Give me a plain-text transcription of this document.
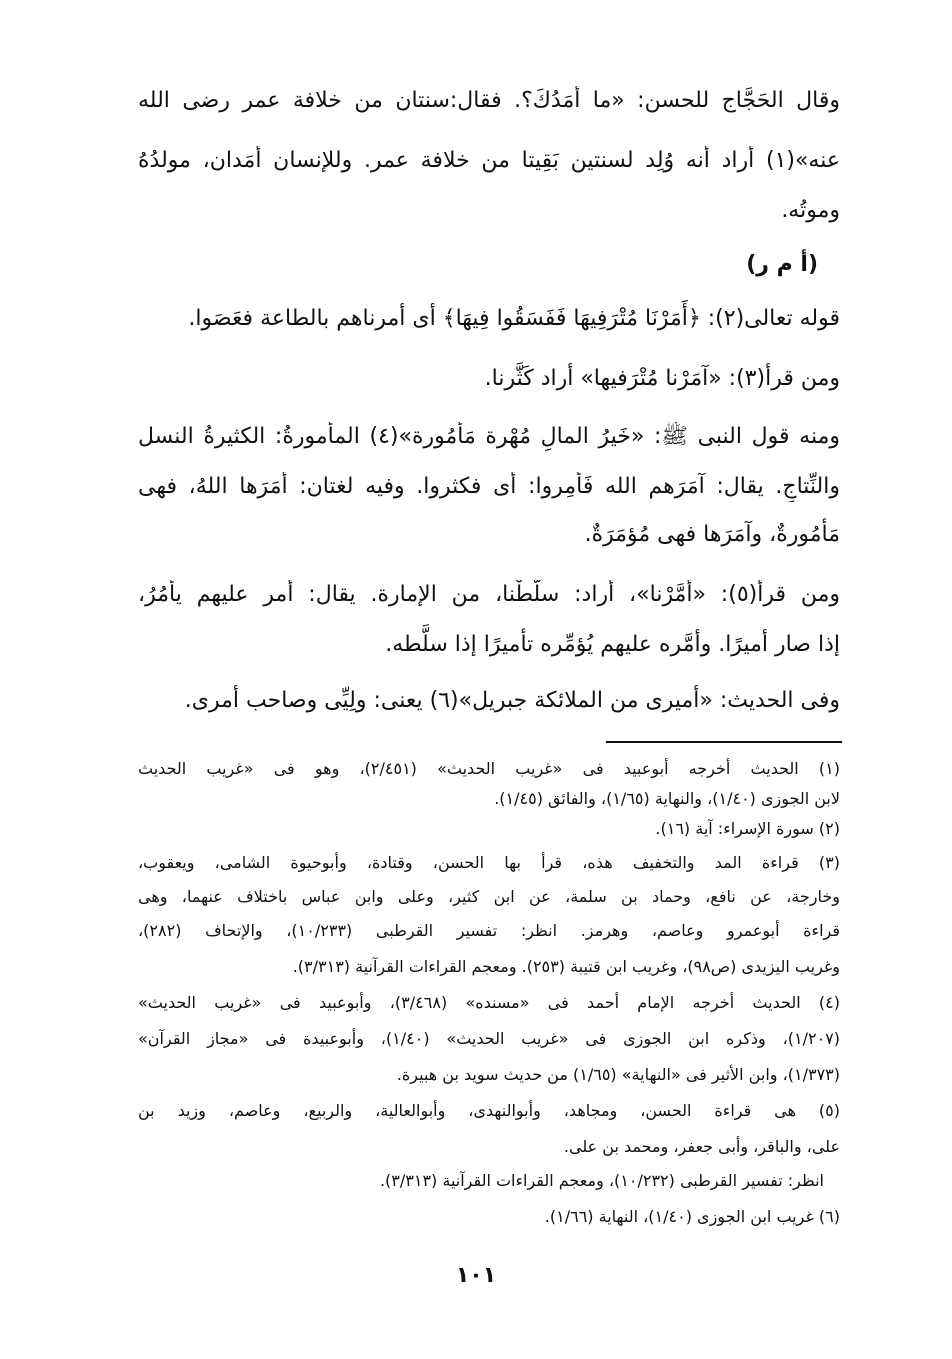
وقال الحَجَّاج للحسن: «ما أَمَدُكَ؟. فقال:سنتان من خلافة عمر رضى الله
عنه»(١) أراد أنه وُلِد لسنتين بَقِيتا من خلافة عمر. وللإنسان أَمَدان، مولدُهُ
وموتُه.
(أ م ر)
قوله تعالى(٢): ﴿أَمَرْنَا مُتْرَفِيهَا فَفَسَقُوا فِيهَا﴾ أى أمرناهم بالطاعة فعَصَوا.
ومن قرأ(٣): «آمَرْنا مُتْرَفيها» أراد كَثَّرنا.
ومنه قول النبى ﷺ: «خَيرُ المالِ مُهْرة مَأمُورة»(٤) المأمورةُ: الكثيرةُ النسل
والنِّتاجِ. يقال: آمَرَهم الله فَأَمِروا: أى فكثروا. وفيه لغتان: أمَرَها اللهُ، فهى
مَأمُورةٌ، وآمَرَها فهى مُؤمَرَةٌ.
ومن قرأ(٥): «أَمَّرْنا»، أراد: سلَّطْنا، من الإمارة. يقال: أمر عليهم يأمُرُ،
إذا صار أميرًا. وأمَّره عليهم يُؤمِّره تأميرًا إذا سلَّطه.
وفى الحديث: «أميرى من الملائكة جبريل»(٦) يعنى: ولِيِّى وصاحب أمرى.
(١) الحديث أخرجه أبوعبيد فى «غريب الحديث» (٢/٤٥١)، وهو فى «غريب الحديث
لابن الجوزى (١/٤٠)، والنهاية (١/٦٥)، والفائق (١/٤٥).
(٢) سورة الإسراء: آية (١٦).
(٣) قراءة المد والتخفيف هذه، قرأ بها الحسن، وقتادة، وأبوحيوة الشامى، ويعقوب،
وخارجة، عن نافع، وحماد بن سلمة، عن ابن كثير، وعلى وابن عباس باختلاف عنهما، وهى
قراءة أبوعمرو وعاصم، وهرمز. انظر: تفسير القرطبى (١٠/٢٣٣)، والإتحاف (٢٨٢)،
وغريب اليزيدى (ص٩٨)، وغريب ابن قتيبة (٢٥٣). ومعجم القراءات القرآنية (٣/٣١٣).
(٤) الحديث أخرجه الإمام أحمد فى «مسنده» (٣/٤٦٨)، وأبوعبيد فى «غريب الحديث»
(١/٢٠٧)، وذكره ابن الجوزى فى «غريب الحديث» (١/٤٠)، وأبوعبيدة فى «مجاز القرآن»
(١/٣٧٣)، وابن الأثير فى «النهاية» (١/٦٥) من حديث سويد بن هبيرة.
(٥) هى قراءة الحسن، ومجاهد، وأبوالنهدى، وأبوالعالية، والربيع، وعاصم، وزيد بن
على، والباقر، وأبى جعفر، ومحمد بن على.
انظر: تفسير القرطبى (١٠/٢٣٢)، ومعجم القراءات القرآنية (٣/٣١٣).
(٦) غريب ابن الجوزى (١/٤٠)، النهاية (١/٦٦).
١٠١
